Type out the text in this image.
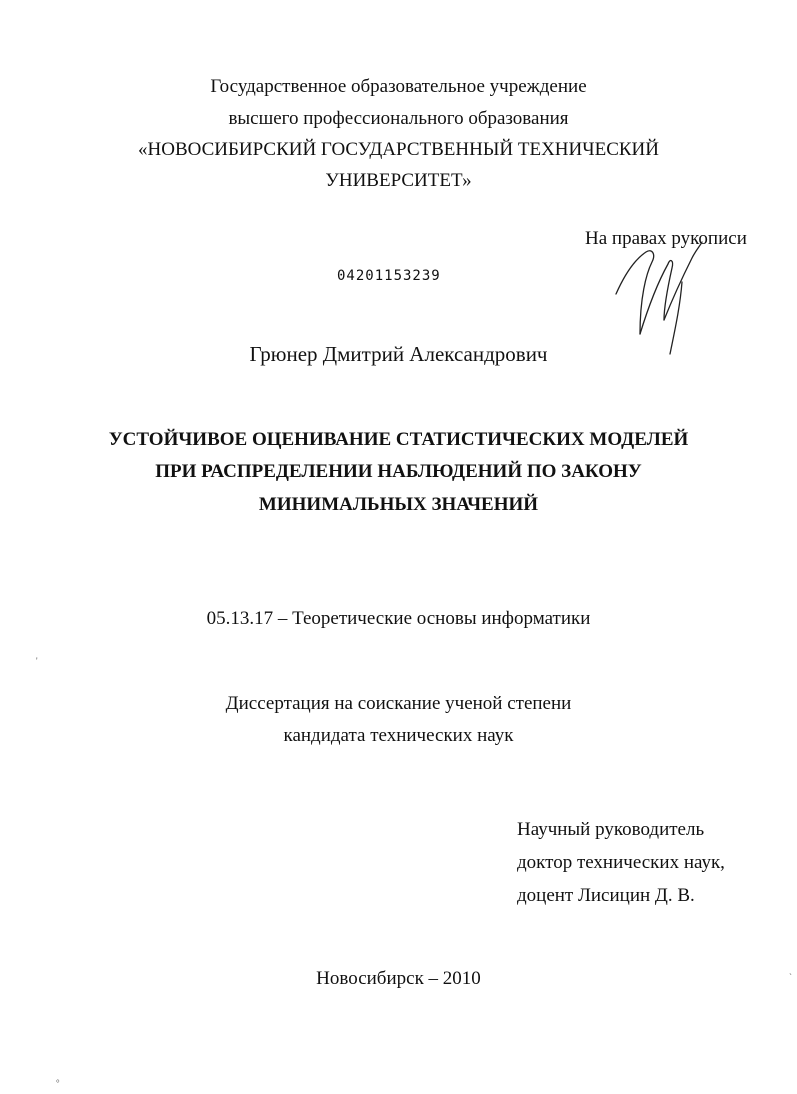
Государственное образовательное учреждение
высшего профессионального образования
«НОВОСИБИРСКИЙ ГОСУДАРСТВЕННЫЙ ТЕХНИЧЕСКИЙ
УНИВЕРСИТЕТ»
На правах рукописи
04201153239
Грюнер Дмитрий Александрович
УСТОЙЧИВОЕ ОЦЕНИВАНИЕ СТАТИСТИЧЕСКИХ МОДЕЛЕЙ
ПРИ РАСПРЕДЕЛЕНИИ НАБЛЮДЕНИЙ ПО ЗАКОНУ
МИНИМАЛЬНЫХ ЗНАЧЕНИЙ
05.13.17 – Теоретические основы информатики
Диссертация на соискание ученой степени
кандидата технических наук
Научный руководитель
доктор технических наук,
доцент Лисицин Д. В.
Новосибирск – 2010
'
`
°
